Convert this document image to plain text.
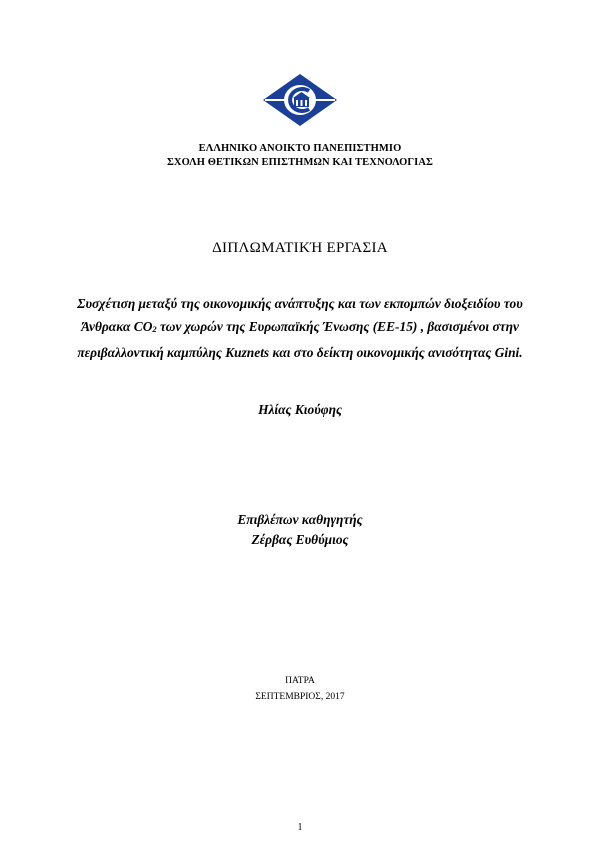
ΕΛΛΗΝΙΚΟ ΑΝΟΙΚΤΟ ΠΑΝΕΠΙΣΤΗΜΙΟ
ΣΧΟΛΗ ΘΕΤΙΚΩΝ ΕΠΙΣΤΗΜΩΝ ΚΑΙ ΤΕΧΝΟΛΟΓΙΑΣ
ΔΙΠΛΩΜΑΤΙΚΉ ΕΡΓΑΣΙΑ
Συσχέτιση μεταξύ της οικονομικής ανάπτυξης και των εκπομπών διοξειδίου του Άνθρακα $CO_2$ των χωρών της Ευρωπαϊκής Ένωσης (ΕΕ-15) , βασισμένοι στην περιβαλλοντική καμπύλης Kuznets και στο δείκτη οικονομικής ανισότητας Gini.
Ηλίας Κιούφης
Επιβλέπων καθηγητής
Ζέρβας Ευθύμιος
ΠΑΤΡΑ
ΣΕΠΤΕΜΒΡΙΟΣ, 2017
1
